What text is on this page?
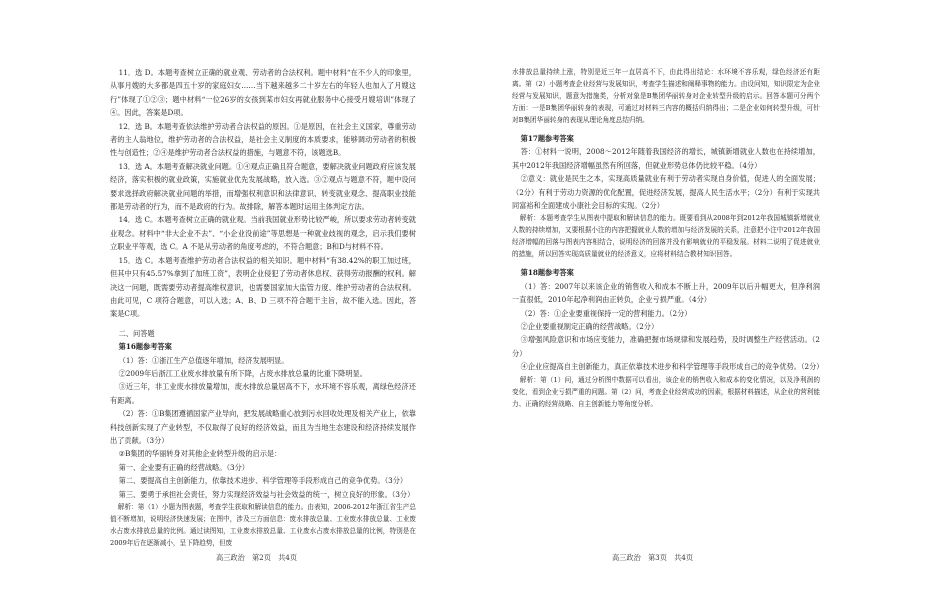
11．选 D。本题考查树立正确的就业观、劳动者的合法权利。题中材料“在不少人的印象里，从事月嫂的大多都是四五十岁的家庭妇女……当下越来越多二十岁左右的年轻人也加入了月嫂这行”体现了①②③；题中材料“一位26岁的女孩到某市妇女再就业服务中心接受月嫂培训”体现了④。因此，答案是D项。

12．选 B。本题考查依法维护劳动者合法权益的原因。①是原因，在社会主义国家，尊重劳动者的主人翁地位，维护劳动者的合法权益，是社会主义制度的本质要求，能够调动劳动者的积极性与创造性；②④是维护劳动者合法权益的措施，与题意不符，该题选B。

13．选 A。本题考查解决就业问题。①④观点正确且符合题意，要解决就业问题政府应该发展经济，落实积极的就业政策，实施就业优先发展战略，放入选。③②观点与题意不符，题中设问要求选择政府解决就业问题的举措，而增强权利意识和法律意识、转变就业观念、提高职业技能都是劳动者的行为，而不是政府的行为。故排除，解答本题时运用主体判定方法。

14．选 C。本题考查树立正确的就业观。当前我国就业形势比较严峻，所以要求劳动者转变就业观念。材料中“非大企业不去”、“小企业没前途”等思想是一种就业歧视的观念，启示我们要树立职业平等观，选 C。A 不是从劳动者的角度考虑的，不符合题意；B和D与材料不符。

15．选 C。本题考查维护劳动者合法权益的相关知识。题中材料“有38.42%的职工加过班，但其中只有45.57%拿到了加班工资”，表明企业侵犯了劳动者休息权、获得劳动报酬的权利。解决这一问题，既需要劳动者提高维权意识，也需要国家加大监管力度、维护劳动者的合法权利。由此可见，C 项符合题意，可以入选；A、B、D 三项不符合题干主旨，故不能入选。因此，答案是C项。

二、问答题

第16题参考答案

（1）答：①浙江生产总值逐年增加，经济发展明显。

②2009年后浙江工业废水排放量有所下降，占废水排放总量的比重下降明显。

③近三年，非工业废水排放量增加，废水排放总量居高不下，水环境不容乐观，离绿色经济还有距离。

（2）答：①B集团遵循国家产业导向，把发展战略重心放到污水回收处理及相关产业上，依靠科技创新实现了产业转型，不仅取得了良好的经济效益，而且为当地生态建设和经济持续发展作出了贡献。（3分）

②B集团的华丽转身对其他企业转型升级的启示是：

第一、企业要有正确的经营战略。（3分）

第二、要提高自主创新能力，依靠技术进步、科学管理等手段形成自己的竞争优势。（3分）

第三、要勇于承担社会责任，努力实现经济效益与社会效益的统一，树立良好的形象。（3分）

解析：第（1）小题为图表题，考查学生获取和解读信息的能力。由表知，2006-2012年浙江省生产总值不断增加，说明经济快速发展；在图中，涉及三方面信息：废水排放总量、工业废水排放总量、工业废水占废水排放总量的比例。通过读图知，工业废水排放总量、工业废水占废水排放总量的比例，特别是在2009年后在逐渐减小，呈下降趋势，但废

水排放总量持续上涨，特别是近三年一直居高不下，由此得出结论：水环境不容乐观，绿色经济还有距离。第（2）小题考查企业经营与发展知识，考查学生描述和阐释事物的能力。由设问知，知识限定为企业经营与发展知识，题意为措施类，分析对象是B集团华丽转身对企业转型升级的启示。回答本题可分两个方面：一是B集团华丽转身的表现，可通过对材料三内容的概括归纳得出；二是企业如何转型升级，可针对B集团华丽转身的表现从理论角度总结归纳。

第17题参考答案

答：①材料一说明，2008～2012年随着我国经济的增长，城镇新增就业人数也在持续增加，其中2012年我国经济增幅虽然有所回落，但就业形势总体仍比较平稳。（4分）

②意义：就业是民生之本，实现高质量就业有利于劳动者实现自身价值，促进人的全面发展；（2分）有利于劳动力资源的优化配置，促进经济发展，提高人民生活水平；（2分）有利于实现共同富裕和全面建成小康社会目标的实现。（2分）

解析：本题考查学生从图表中提取和解读信息的能力。既要看到从2008年到2012年我国城镇新增就业人数的持续增加，又要根据小注的内容把握就业人数的增加与经济发展的关系，注意把小注中2012年我国经济增幅的回落与图表内容相结合，说明经济的回落并没有影响就业的平稳发展。材料二说明了促进就业的措施，所以回答实现高质量就业的经济意义，应将材料结合教材知识回答。

第18题参考答案

（1）答：2007年以来该企业的销售收入和成本不断上升，2009年以后升幅更大，但净利润一直很低，2010年起净利润由正转负，企业亏损严重。（4分）

（2）答：①企业要重视保持一定的营利能力。（2分）

②企业要重视制定正确的经营战略。（2分）

③增强风险意识和市场应变能力，准确把握市场规律和发展趋势，及时调整生产经营活动。（2分）

④企业应提高自主创新能力，真正依靠技术进步和科学管理等手段形成自己的竞争优势。（2分）

解析：第（1）问，通过分析图中数据可以看出，该企业的销售收入和成本的变化情况，以及净利润的变化，看到企业亏损严重的问题。第（2）问，考查企业经营成功的因素，根据材料描述，从企业的营利能力、正确的经营战略、自主创新能力等角度分析。

高三政治　第2页　共4页	高三政治　第3页　共4页
